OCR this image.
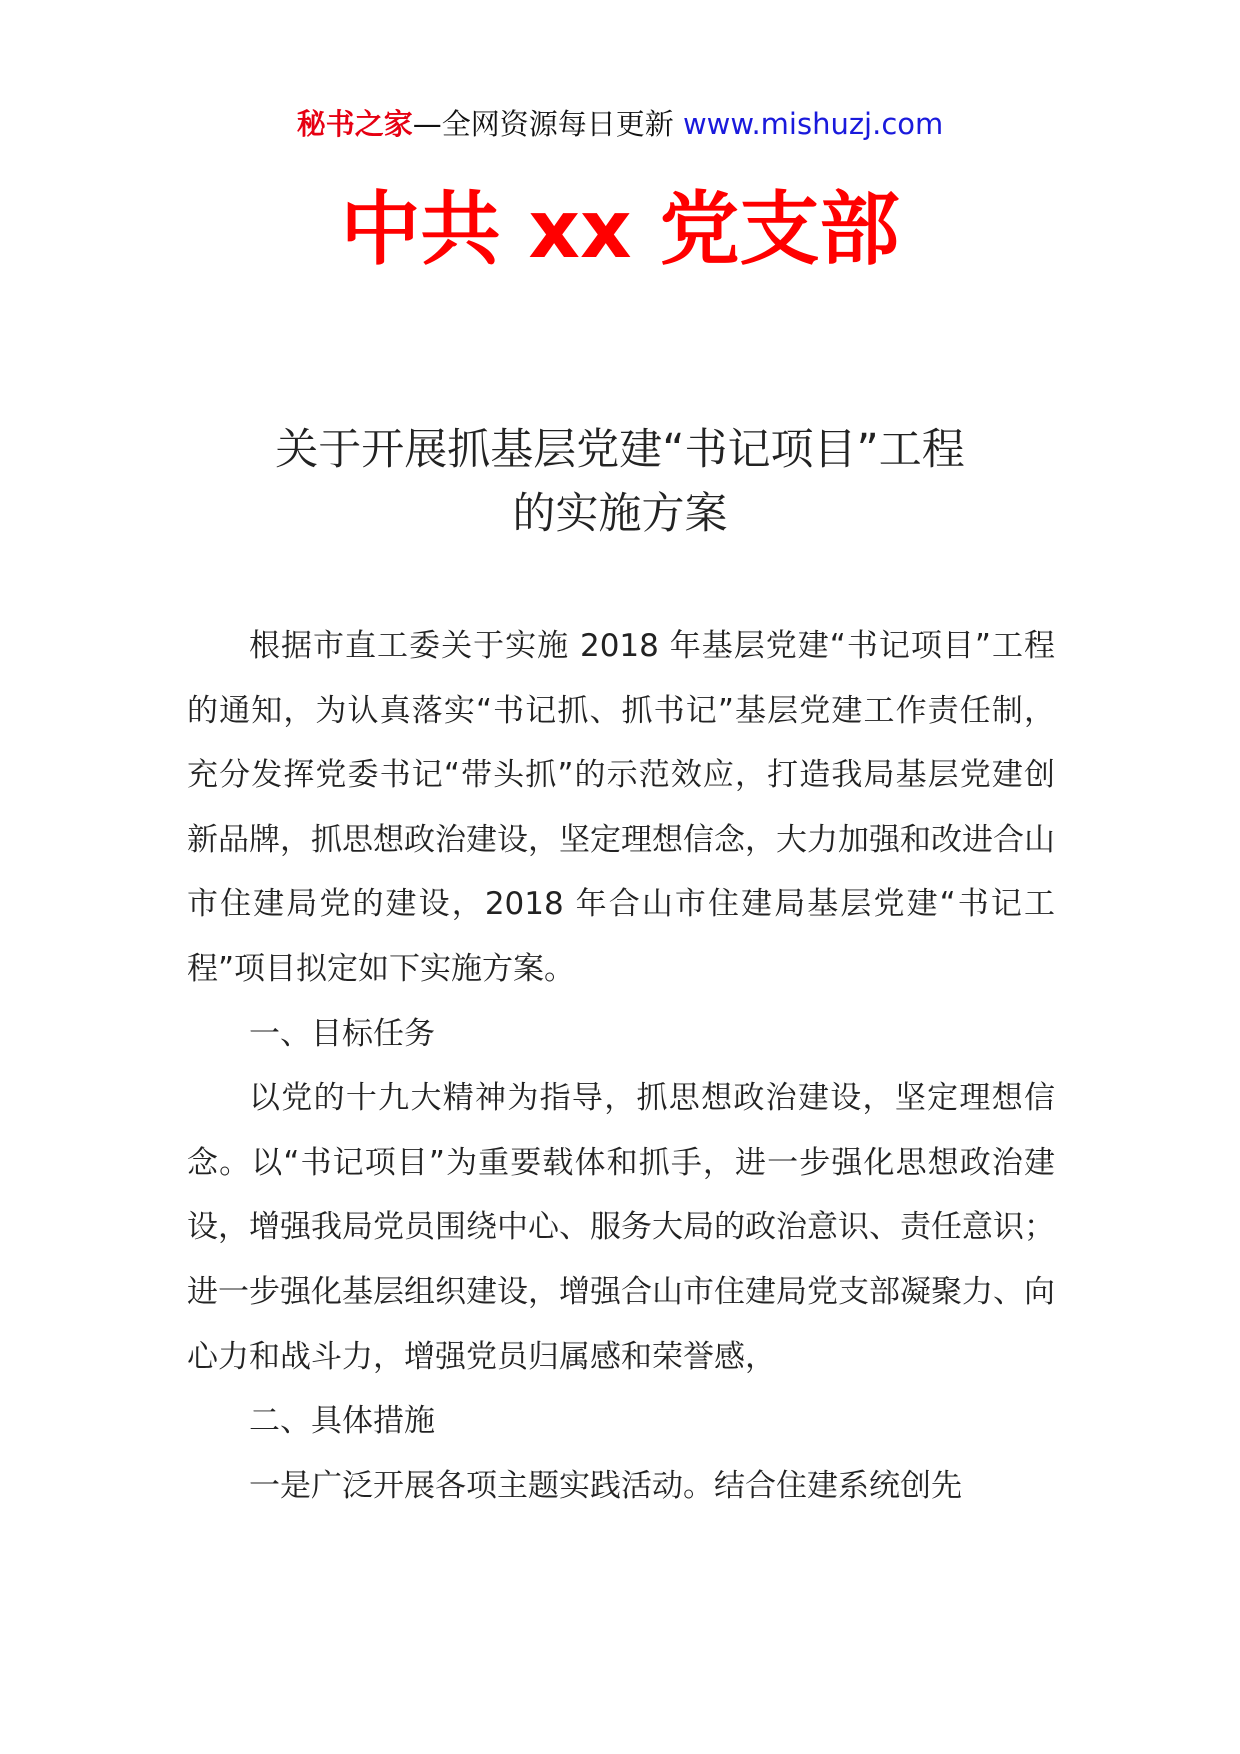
秘书之家—全网资源每日更新 www.mishuzj.com
中共 xx 党支部
关于开展抓基层党建“书记项目”工程
的实施方案

根据市直工委关于实施 2018 年基层党建“书记项目”工程的通知，为认真落实“书记抓、抓书记”基层党建工作责任制，充分发挥党委书记“带头抓”的示范效应，打造我局基层党建创新品牌，抓思想政治建设，坚定理想信念，大力加强和改进合山市住建局党的建设，2018 年合山市住建局基层党建“书记工程”项目拟定如下实施方案。

一、目标任务

以党的十九大精神为指导，抓思想政治建设，坚定理想信念。以“书记项目”为重要载体和抓手，进一步强化思想政治建设，增强我局党员围绕中心、服务大局的政治意识、责任意识；进一步强化基层组织建设，增强合山市住建局党支部凝聚力、向心力和战斗力，增强党员归属感和荣誉感，

二、具体措施

一是广泛开展各项主题实践活动。结合住建系统创先
